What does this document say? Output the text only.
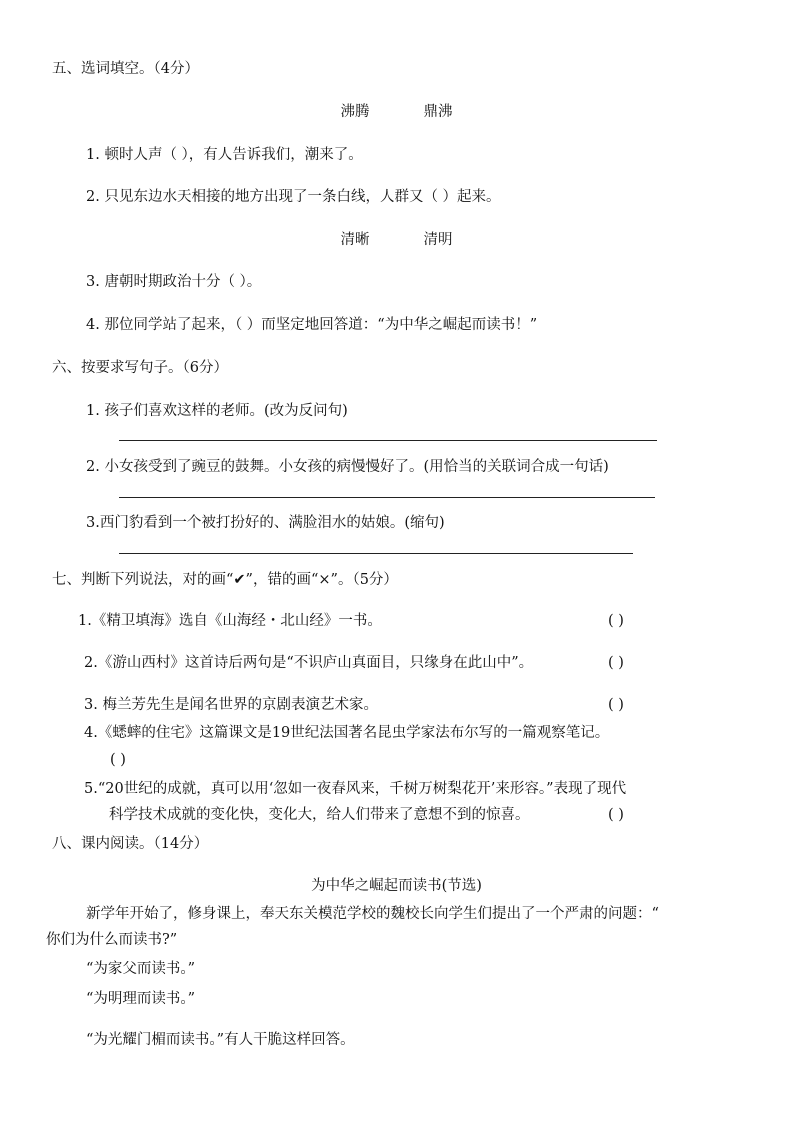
五、选词填空。（4分）
沸腾	鼎沸
1. 顿时人声（ ），有人告诉我们，潮来了。
2. 只见东边水天相接的地方出现了一条白线，人群又（ ）起来。
清晰	清明
3. 唐朝时期政治十分（ ）。
4. 那位同学站了起来，（ ）而坚定地回答道：“为中华之崛起而读书！”
六、按要求写句子。（6分）
1. 孩子们喜欢这样的老师。(改为反问句)
2. 小女孩受到了豌豆的鼓舞。小女孩的病慢慢好了。(用恰当的关联词合成一句话)
3.西门豹看到一个被打扮好的、满脸泪水的姑娘。(缩句)
七、判断下列说法，对的画“✔”，错的画“×”。（5分）
1.《精卫填海》选自《山海经・北山经》一书。	( )
2.《游山西村》这首诗后两句是“不识庐山真面目，只缘身在此山中”。	( )
3. 梅兰芳先生是闻名世界的京剧表演艺术家。	( )
4.《蟋蟀的住宅》这篇课文是19世纪法国著名昆虫学家法布尔写的一篇观察笔记。
( )
5.“20世纪的成就，真可以用‘忽如一夜春风来，千树万树梨花开’来形容。”表现了现代
科学技术成就的变化快，变化大，给人们带来了意想不到的惊喜。	( )
八、课内阅读。（14分）
为中华之崛起而读书(节选)
新学年开始了，修身课上，奉天东关模范学校的魏校长向学生们提出了一个严肃的问题：“
你们为什么而读书?”
“为家父而读书。”
“为明理而读书。”
“为光耀门楣而读书。”有人干脆这样回答。
